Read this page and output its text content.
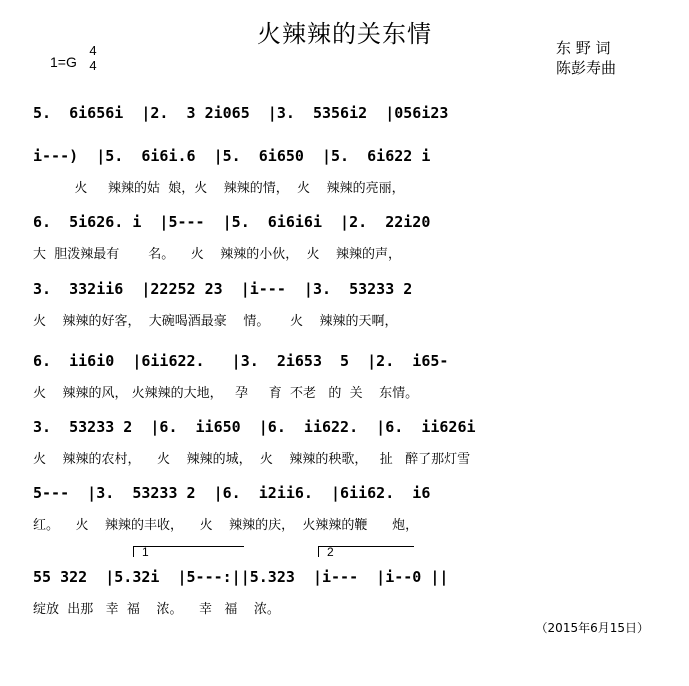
火辣辣的关东情
1=G
4
4
东 野 词
陈彭寿曲
5.  6i656i  |2.  3 2i065  |3.  5356i2  |056i23
i---)  |5.  6i6i.6  |5.  6i650  |5.  6i622 i
火     辣辣的姑  娘，火    辣辣的情，  火    辣辣的亮丽，
6.  5i626. i  |5---  |5.  6i6i6i  |2.  22i20
大  胆泼辣最有       名。    火    辣辣的小伙，  火    辣辣的声，
3.  332ii6  |22252 23  |i---  |3.  53233 2
火    辣辣的好客，  大碗喝酒最豪    情。     火    辣辣的天啊，
6.  ii6i0  |6ii622.   |3.  2i653  5  |2.  i65-
火    辣辣的风， 火辣辣的大地，   孕     育  不老   的  关    东情。
3.  53233 2  |6.  ii650  |6.  ii622.  |6.  ii626i
火    辣辣的农村，    火    辣辣的城，  火    辣辣的秧歌，   扯   醉了那灯雪
5---  |3.  53233 2  |6.  i2ii6.  |6ii62.  i6
红。    火    辣辣的丰收，    火    辣辣的庆，  火辣辣的鞭      炮，
1	2
55 322  |5.32i  |5---:||5.323  |i---  |i--0 ||
绽放  出那   幸  福    浓。    幸   福    浓。
（2015年6月15日）
